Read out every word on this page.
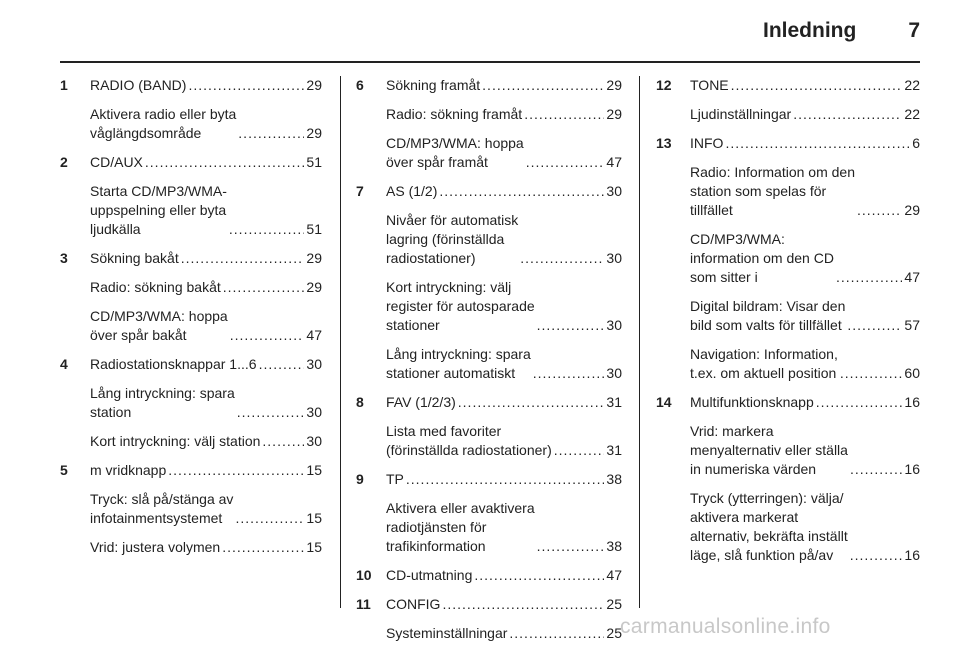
Inledning 7
1 RADIO (BAND) .....	29
Aktivera radio eller byta
våglängdsområde .....	29
2 CD/AUX .....	51
Starta CD/MP3/WMA-
uppspelning eller byta
ljudkälla .....	51
3 Sökning bakåt .....	29
Radio: sökning bakåt .....	29
CD/MP3/WMA: hoppa
över spår bakåt .....	47
4 Radiostationsknappar 1...6 .....	30
Lång intryckning: spara
station .....	30
Kort intryckning: välj station .....	30
5 m vridknapp .....	15
Tryck: slå på/stänga av
infotainmentsystemet .....	15
Vrid: justera volymen .....	15
6 Sökning framåt .....	29
Radio: sökning framåt .....	29
CD/MP3/WMA: hoppa
över spår framåt .....	47
7 AS (1/2) .....	30
Nivåer för automatisk
lagring (förinställda
radiostationer) .....	30
Kort intryckning: välj
register för autosparade
stationer .....	30
Lång intryckning: spara
stationer automatiskt .....	30
8 FAV (1/2/3) .....	31
Lista med favoriter
(förinställda radiostationer) .....	31
9 TP .....	38
Aktivera eller avaktivera
radiotjänsten för
trafikinformation .....	38
10 CD-utmatning .....	47
11 CONFIG .....	25
Systeminställningar .....	25
12 TONE .....	22
Ljudinställningar .....	22
13 INFO .....	6
Radio: Information om den
station som spelas för
tillfället .....	29
CD/MP3/WMA:
information om den CD
som sitter i .....	47
Digital bildram: Visar den
bild som valts för tillfället .....	57
Navigation: Information,
t.ex. om aktuell position .....	60
14 Multifunktionsknapp .....	16
Vrid: markera
menyalternativ eller ställa
in numeriska värden .....	16
Tryck (ytterringen): välja/
aktivera markerat
alternativ, bekräfta inställt
läge, slå funktion på/av .....	16
carmanualsonline.info
